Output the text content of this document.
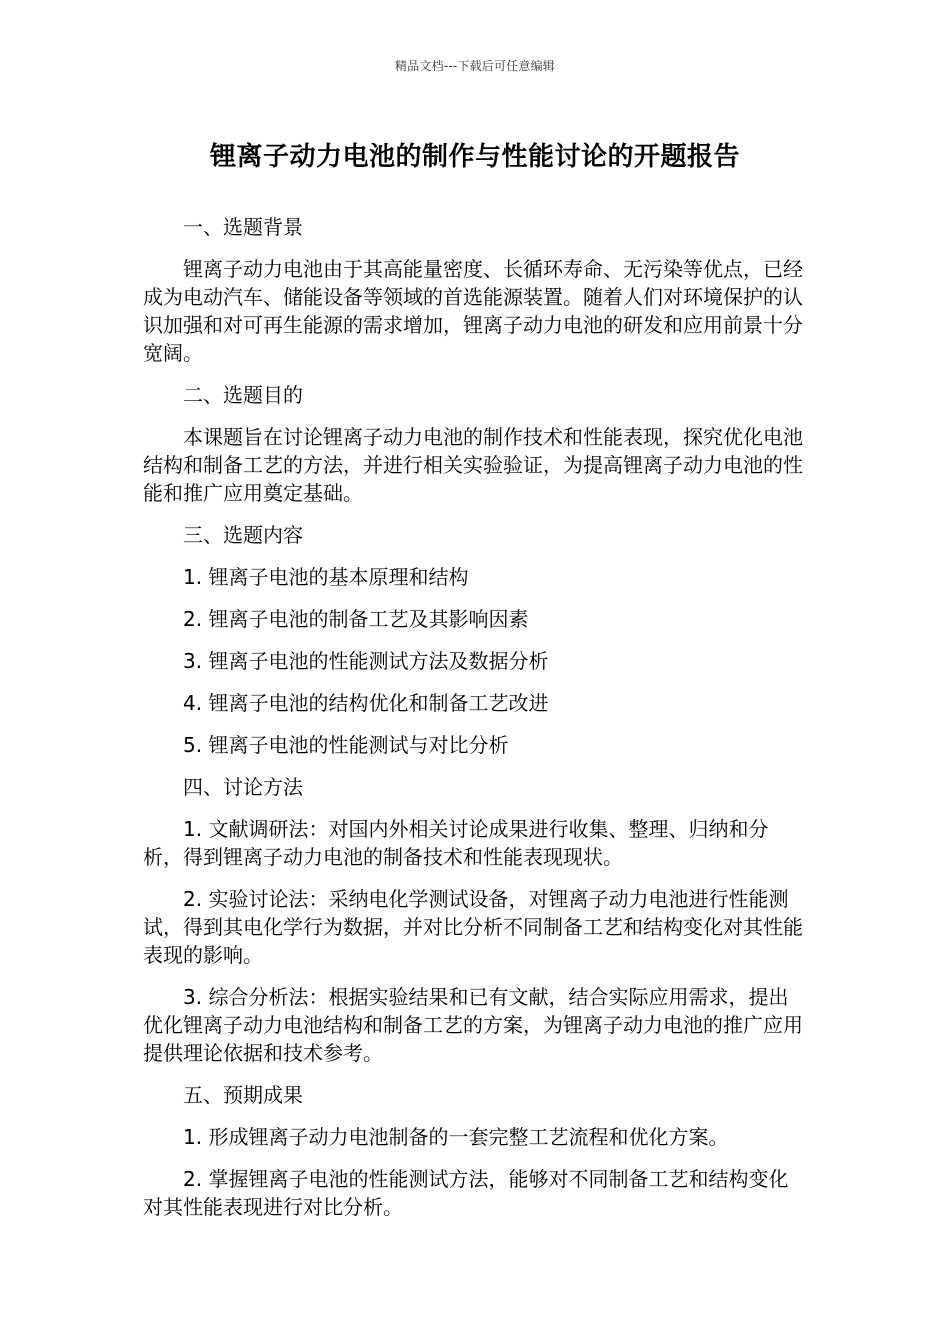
精品文档---下载后可任意编辑
锂离子动力电池的制作与性能讨论的开题报告

一、选题背景

锂离子动力电池由于其高能量密度、长循环寿命、无污染等优点，已经成为电动汽车、储能设备等领域的首选能源装置。随着人们对环境保护的认识加强和对可再生能源的需求增加，锂离子动力电池的研发和应用前景十分宽阔。

二、选题目的

本课题旨在讨论锂离子动力电池的制作技术和性能表现，探究优化电池结构和制备工艺的方法，并进行相关实验验证，为提高锂离子动力电池的性能和推广应用奠定基础。

三、选题内容

1. 锂离子电池的基本原理和结构

2. 锂离子电池的制备工艺及其影响因素

3. 锂离子电池的性能测试方法及数据分析

4. 锂离子电池的结构优化和制备工艺改进

5. 锂离子电池的性能测试与对比分析

四、讨论方法

1. 文献调研法：对国内外相关讨论成果进行收集、整理、归纳和分析，得到锂离子动力电池的制备技术和性能表现现状。

2. 实验讨论法：采纳电化学测试设备，对锂离子动力电池进行性能测试，得到其电化学行为数据，并对比分析不同制备工艺和结构变化对其性能表现的影响。

3. 综合分析法：根据实验结果和已有文献，结合实际应用需求，提出优化锂离子动力电池结构和制备工艺的方案，为锂离子动力电池的推广应用提供理论依据和技术参考。

五、预期成果

1. 形成锂离子动力电池制备的一套完整工艺流程和优化方案。

2. 掌握锂离子电池的性能测试方法，能够对不同制备工艺和结构变化对其性能表现进行对比分析。
